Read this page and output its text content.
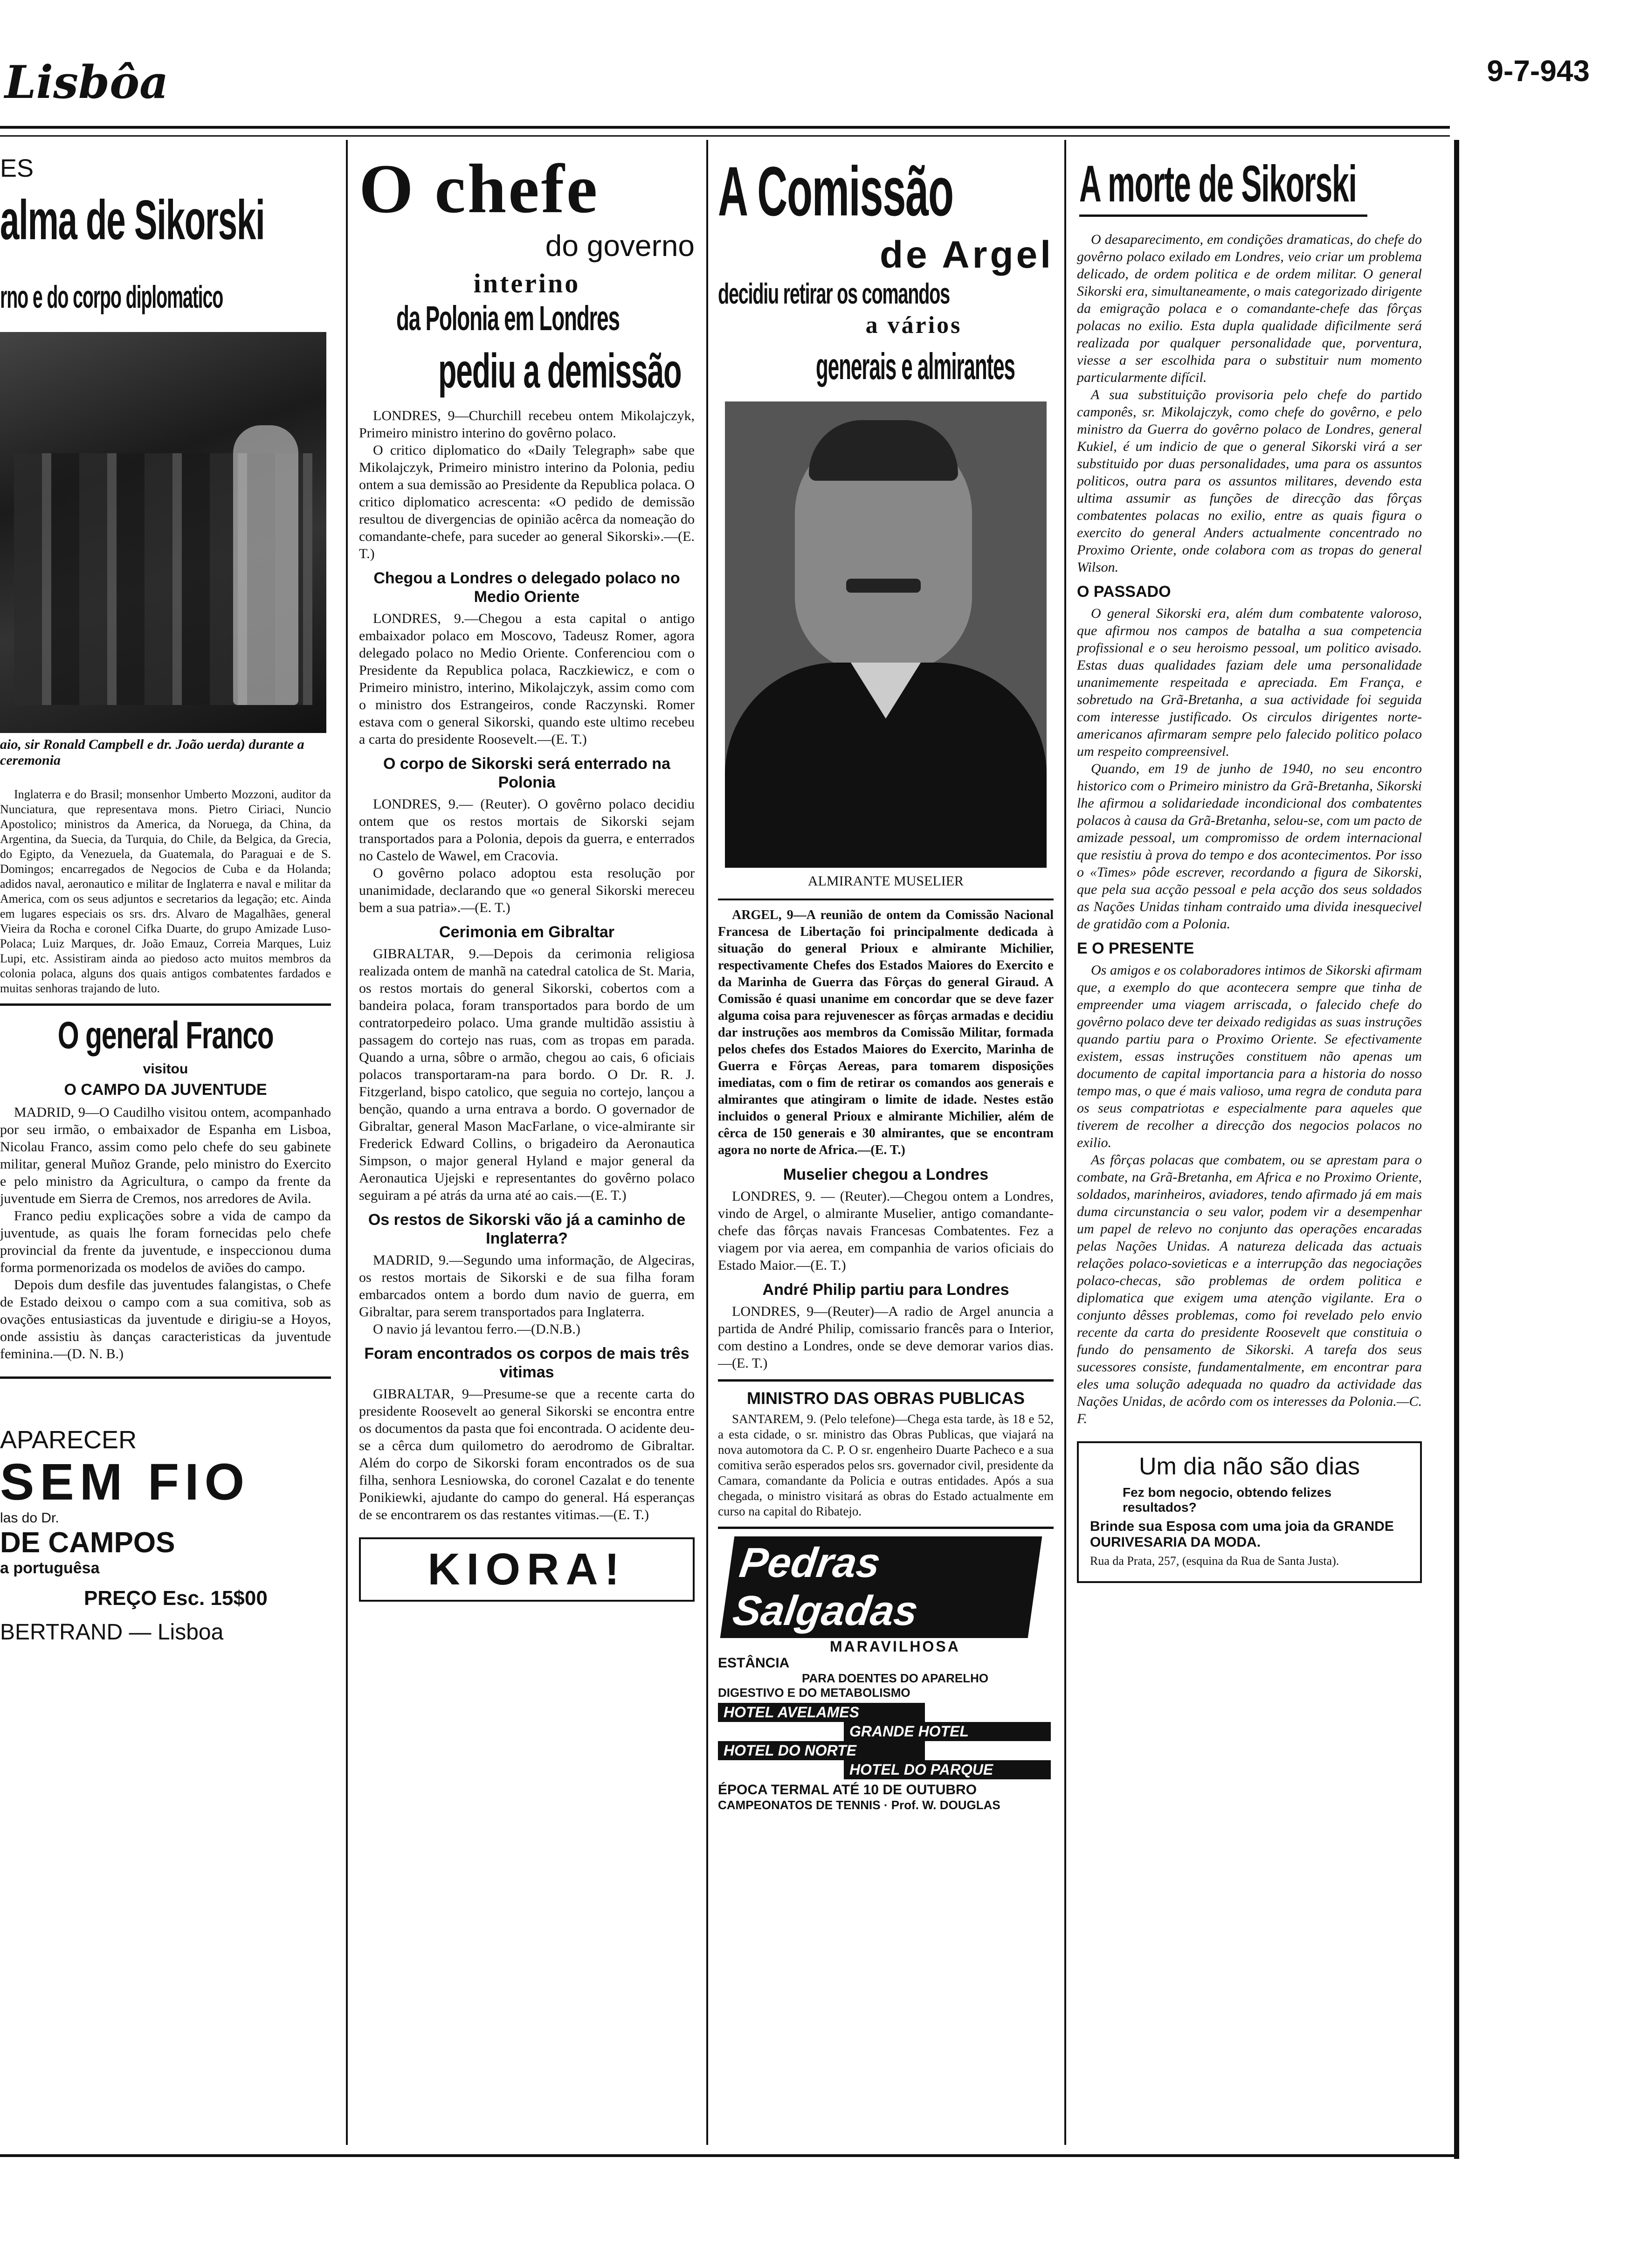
Lisbôa	9-7-943
ES
alma de Sikorski
rno e do corpo diplomatico
aio, sir Ronald Campbell e dr. João uerda) durante a ceremonia

Inglaterra e do Brasil; monsenhor Umberto Mozzoni, auditor da Nunciatura, que representava mons. Pietro Ciriaci, Nuncio Apostolico; ministros da America, da Noruega, da China, da Argentina, da Suecia, da Turquia, do Chile, da Belgica, da Grecia, do Egipto, da Venezuela, da Guatemala, do Paraguai e de S. Domingos; encarregados de Negocios de Cuba e da Holanda; adidos naval, aeronautico e militar de Inglaterra e naval e militar da America, com os seus adjuntos e secretarios da legação; etc. Ainda em lugares especiais os srs. drs. Alvaro de Magalhães, general Vieira da Rocha e coronel Cifka Duarte, do grupo Amizade Luso-Polaca; Luiz Marques, dr. João Emauz, Correia Marques, Luiz Lupi, etc. Assistiram ainda ao piedoso acto muitos membros da colonia polaca, alguns dos quais antigos combatentes fardados e muitas senhoras trajando de luto.

O general Franco
visitou
O CAMPO DA JUVENTUDE

MADRID, 9—O Caudilho visitou ontem, acompanhado por seu irmão, o embaixador de Espanha em Lisboa, Nicolau Franco, assim como pelo chefe do seu gabinete militar, general Muñoz Grande, pelo ministro do Exercito e pelo ministro da Agricultura, o campo da frente da juventude em Sierra de Cremos, nos arredores de Avila.

Franco pediu explicações sobre a vida de campo da juventude, as quais lhe foram fornecidas pelo chefe provincial da frente da juventude, e inspeccionou duma forma pormenorizada os modelos de aviões do campo.

Depois dum desfile das juventudes falangistas, o Chefe de Estado deixou o campo com a sua comitiva, sob as ovações entusiasticas da juventude e dirigiu-se a Hoyos, onde assistiu às danças caracteristicas da juventude feminina.—(D. N. B.)

APARECER
SEM FIO
las do Dr.
DE CAMPOS
a portuguêsa
PREÇO Esc. 15$00
BERTRAND — Lisboa
O chefe
do governo
interino
da Polonia em Londres
pediu a demissão

LONDRES, 9—Churchill recebeu ontem Mikolajczyk, Primeiro ministro interino do govêrno polaco.

O critico diplomatico do «Daily Telegraph» sabe que Mikolajczyk, Primeiro ministro interino da Polonia, pediu ontem a sua demissão ao Presidente da Republica polaca. O critico diplomatico acrescenta: «O pedido de demissão resultou de divergencias de opinião acêrca da nomeação do comandante-chefe, para suceder ao general Sikorski».—(E. T.)

Chegou a Londres o delegado polaco no Medio Oriente

LONDRES, 9.—Chegou a esta capital o antigo embaixador polaco em Moscovo, Tadeusz Romer, agora delegado polaco no Medio Oriente. Conferenciou com o Presidente da Republica polaca, Raczkiewicz, e com o Primeiro ministro, interino, Mikolajczyk, assim como com o ministro dos Estrangeiros, conde Raczynski. Romer estava com o general Sikorski, quando este ultimo recebeu a carta do presidente Roosevelt.—(E. T.)

O corpo de Sikorski será enterrado na Polonia

LONDRES, 9.— (Reuter). O govêrno polaco decidiu ontem que os restos mortais de Sikorski sejam transportados para a Polonia, depois da guerra, e enterrados no Castelo de Wawel, em Cracovia.

O govêrno polaco adoptou esta resolução por unanimidade, declarando que «o general Sikorski mereceu bem a sua patria».—(E. T.)

Cerimonia em Gibraltar

GIBRALTAR, 9.—Depois da cerimonia religiosa realizada ontem de manhã na catedral catolica de St. Maria, os restos mortais do general Sikorski, cobertos com a bandeira polaca, foram transportados para bordo de um contratorpedeiro polaco. Uma grande multidão assistiu à passagem do cortejo nas ruas, com as tropas em parada. Quando a urna, sôbre o armão, chegou ao cais, 6 oficiais polacos transportaram-na para bordo. O Dr. R. J. Fitzgerland, bispo catolico, que seguia no cortejo, lançou a benção, quando a urna entrava a bordo. O governador de Gibraltar, general Mason MacFarlane, o vice-almirante sir Frederick Edward Collins, o brigadeiro da Aeronautica Simpson, o major general Hyland e major general da Aeronautica Ujejski e representantes do govêrno polaco seguiram a pé atrás da urna até ao cais.—(E. T.)

Os restos de Sikorski vão já a caminho de Inglaterra?

MADRID, 9.—Segundo uma informação, de Algeciras, os restos mortais de Sikorski e de sua filha foram embarcados ontem a bordo dum navio de guerra, em Gibraltar, para serem transportados para Inglaterra.

O navio já levantou ferro.—(D.N.B.)

Foram encontrados os corpos de mais três vitimas

GIBRALTAR, 9—Presume-se que a recente carta do presidente Roosevelt ao general Sikorski se encontra entre os documentos da pasta que foi encontrada. O acidente deu-se a cêrca dum quilometro do aerodromo de Gibraltar. Além do corpo de Sikorski foram encontrados os de sua filha, senhora Lesniowska, do coronel Cazalat e do tenente Ponikiewki, ajudante do campo do general. Há esperanças de se encontrarem os das restantes vitimas.—(E. T.)

KIORA!
A Comissão
de Argel
decidiu retirar os comandos
a vários
generais e almirantes
ALMIRANTE MUSELIER

ARGEL, 9—A reunião de ontem da Comissão Nacional Francesa de Libertação foi principalmente dedicada à situação do general Prioux e almirante Michilier, respectivamente Chefes dos Estados Maiores do Exercito e da Marinha de Guerra das Fôrças do general Giraud. A Comissão é quasi unanime em concordar que se deve fazer alguma coisa para rejuvenescer as fôrças armadas e decidiu dar instruções aos membros da Comissão Militar, formada pelos chefes dos Estados Maiores do Exercito, Marinha de Guerra e Fôrças Aereas, para tomarem disposições imediatas, com o fim de retirar os comandos aos generais e almirantes que atingiram o limite de idade. Nestes estão incluidos o general Prioux e almirante Michilier, além de cêrca de 150 generais e 30 almirantes, que se encontram agora no norte de Africa.—(E. T.)

Muselier chegou a Londres

LONDRES, 9. — (Reuter).—Chegou ontem a Londres, vindo de Argel, o almirante Muselier, antigo comandante-chefe das fôrças navais Francesas Combatentes. Fez a viagem por via aerea, em companhia de varios oficiais do Estado Maior.—(E. T.)

André Philip partiu para Londres

LONDRES, 9—(Reuter)—A radio de Argel anuncia a partida de André Philip, comissario francês para o Interior, com destino a Londres, onde se deve demorar varios dias.—(E. T.)

MINISTRO DAS OBRAS PUBLICAS

SANTAREM, 9. (Pelo telefone)—Chega esta tarde, às 18 e 52, a esta cidade, o sr. ministro das Obras Publicas, que viajará na nova automotora da C. P. O sr. engenheiro Duarte Pacheco e a sua comitiva serão esperados pelos srs. governador civil, presidente da Camara, comandante da Policia e outras entidades. Após a sua chegada, o ministro visitará as obras do Estado actualmente em curso na capital do Ribatejo.

Pedras Salgadas
MARAVILHOSA
ESTÂNCIA
PARA DOENTES DO APARELHO
DIGESTIVO E DO METABOLISMO
HOTEL AVELAMES
GRANDE HOTEL
HOTEL DO NORTE
HOTEL DO PARQUE
ÉPOCA TERMAL ATÉ 10 DE OUTUBRO
CAMPEONATOS DE TENNIS · Prof. W. DOUGLAS
A morte de Sikorski

O desaparecimento, em condições dramaticas, do chefe do govêrno polaco exilado em Londres, veio criar um problema delicado, de ordem politica e de ordem militar. O general Sikorski era, simultaneamente, o mais categorizado dirigente da emigração polaca e o comandante-chefe das fôrças polacas no exilio. Esta dupla qualidade dificilmente será realizada por qualquer personalidade que, porventura, viesse a ser escolhida para o substituir num momento particularmente difícil.

A sua substituição provisoria pelo chefe do partido camponês, sr. Mikolajczyk, como chefe do govêrno, e pelo ministro da Guerra do govêrno polaco de Londres, general Kukiel, é um indicio de que o general Sikorski virá a ser substituido por duas personalidades, uma para os assuntos politicos, outra para os assuntos militares, devendo esta ultima assumir as funções de direcção das fôrças combatentes polacas no exilio, entre as quais figura o exercito do general Anders actualmente concentrado no Proximo Oriente, onde colabora com as tropas do general Wilson.

O PASSADO

O general Sikorski era, além dum combatente valoroso, que afirmou nos campos de batalha a sua competencia profissional e o seu heroismo pessoal, um politico avisado. Estas duas qualidades faziam dele uma personalidade unanimemente respeitada e apreciada. Em França, e sobretudo na Grã-Bretanha, a sua actividade foi seguida com interesse justificado. Os circulos dirigentes norte-americanos afirmaram sempre pelo falecido politico polaco um respeito compreensivel.

Quando, em 19 de junho de 1940, no seu encontro historico com o Primeiro ministro da Grã-Bretanha, Sikorski lhe afirmou a solidariedade incondicional dos combatentes polacos à causa da Grã-Bretanha, selou-se, com um pacto de amizade pessoal, um compromisso de ordem internacional que resistiu à prova do tempo e dos acontecimentos. Por isso o «Times» pôde escrever, recordando a figura de Sikorski, que pela sua acção pessoal e pela acção dos seus soldados as Nações Unidas tinham contraido uma divida inesquecivel de gratidão com a Polonia.

E O PRESENTE

Os amigos e os colaboradores intimos de Sikorski afirmam que, a exemplo do que acontecera sempre que tinha de empreender uma viagem arriscada, o falecido chefe do govêrno polaco deve ter deixado redigidas as suas instruções quando partiu para o Proximo Oriente. Se efectivamente existem, essas instruções constituem não apenas um documento de capital importancia para a historia do nosso tempo mas, o que é mais valioso, uma regra de conduta para os seus compatriotas e especialmente para aqueles que tiverem de recolher a direcção dos negocios polacos no exilio.

As fôrças polacas que combatem, ou se aprestam para o combate, na Grã-Bretanha, em Africa e no Proximo Oriente, soldados, marinheiros, aviadores, tendo afirmado já em mais duma circunstancia o seu valor, podem vir a desempenhar um papel de relevo no conjunto das operações encaradas pelas Nações Unidas. A natureza delicada das actuais relações polaco-sovieticas e a interrupção das negociações polaco-checas, são problemas de ordem politica e diplomatica que exigem uma atenção vigilante. Era o conjunto dêsses problemas, como foi revelado pelo envio recente da carta do presidente Roosevelt que constituia o fundo do pensamento de Sikorski. A tarefa dos seus sucessores consiste, fundamentalmente, em encontrar para eles uma solução adequada no quadro da actividade das Nações Unidas, de acôrdo com os interesses da Polonia.—C. F.

Um dia não são dias
Fez bom negocio, obtendo felizes resultados?
Brinde sua Esposa com uma joia da GRANDE OURIVESARIA DA MODA.
Rua da Prata, 257, (esquina da Rua de Santa Justa).
